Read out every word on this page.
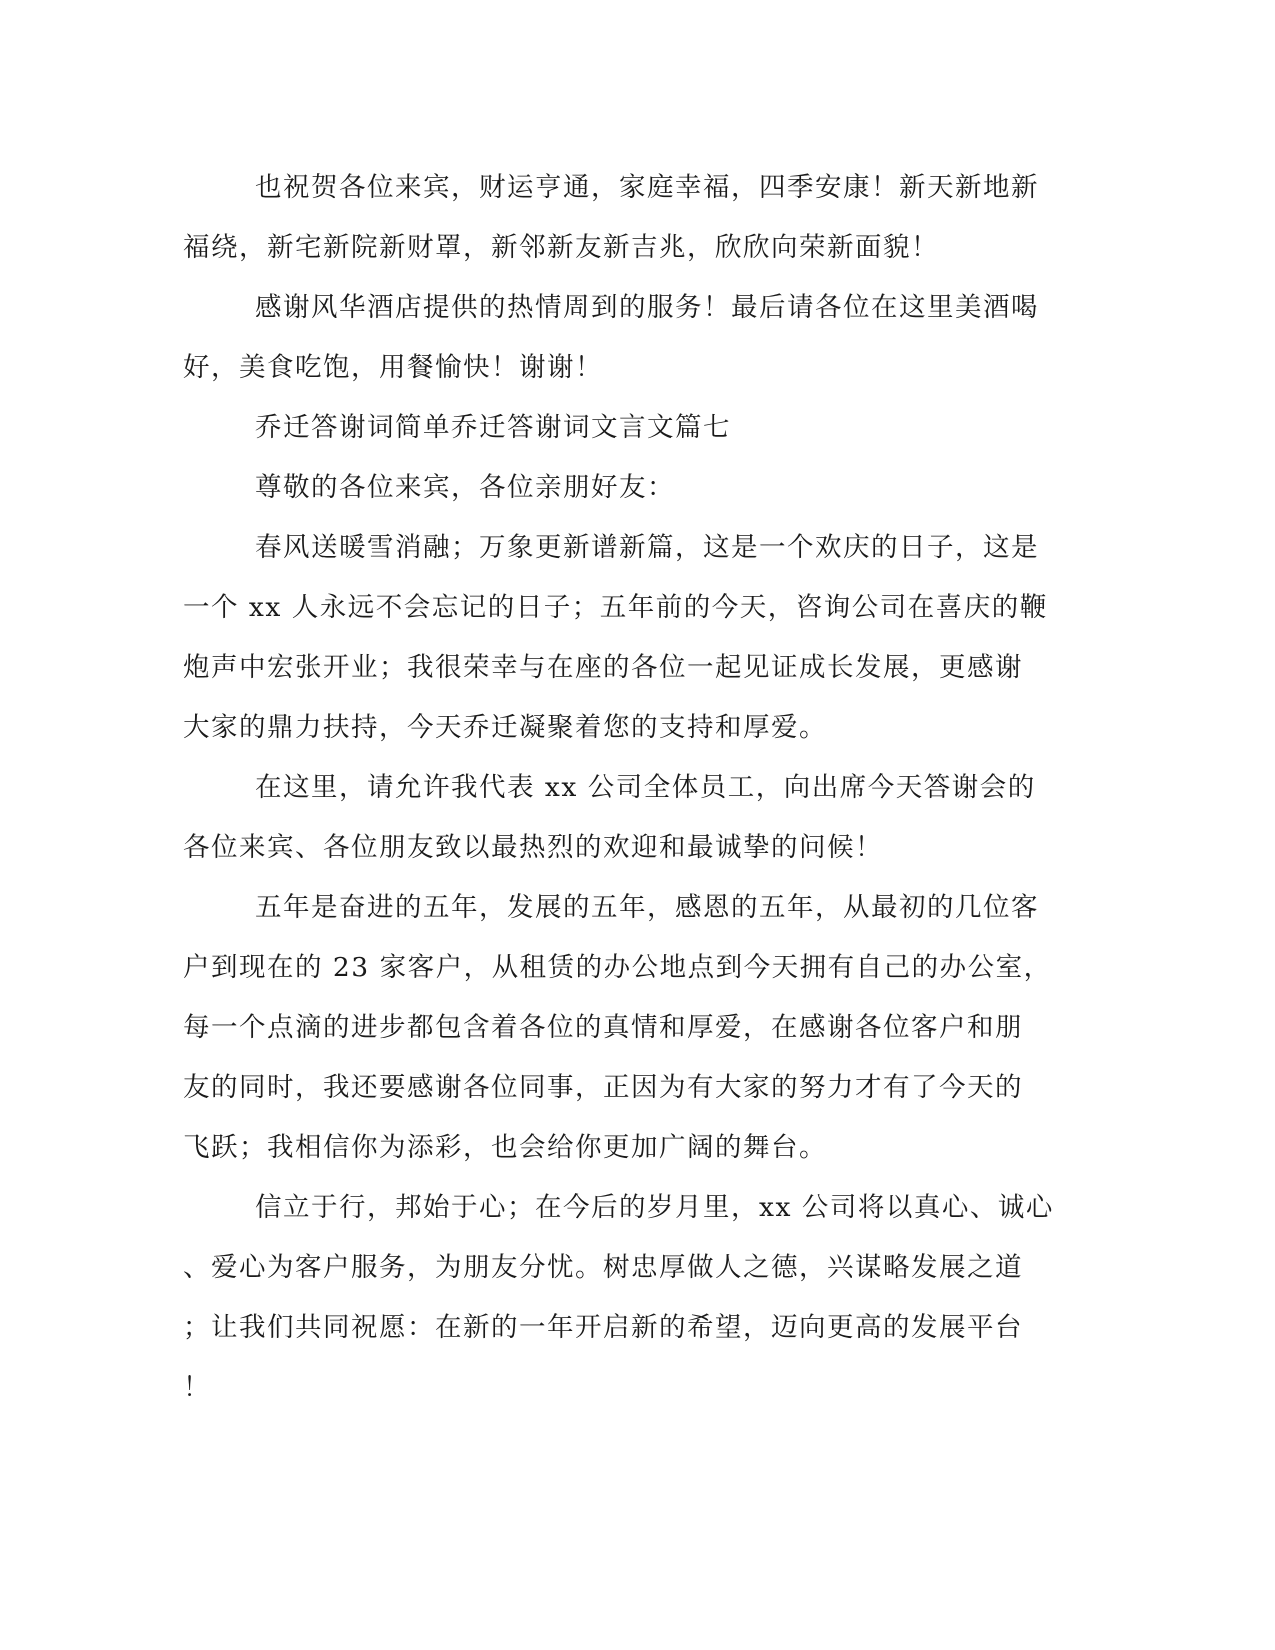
也祝贺各位来宾，财运亨通，家庭幸福，四季安康！新天新地新
福绕，新宅新院新财罩，新邻新友新吉兆，欣欣向荣新面貌！
感谢风华酒店提供的热情周到的服务！最后请各位在这里美酒喝
好，美食吃饱，用餐愉快！谢谢！
乔迁答谢词简单乔迁答谢词文言文篇七
尊敬的各位来宾，各位亲朋好友：
春风送暖雪消融；万象更新谱新篇，这是一个欢庆的日子，这是
一个 xx 人永远不会忘记的日子；五年前的今天，咨询公司在喜庆的鞭
炮声中宏张开业；我很荣幸与在座的各位一起见证成长发展，更感谢
大家的鼎力扶持，今天乔迁凝聚着您的支持和厚爱。
在这里，请允许我代表 xx 公司全体员工，向出席今天答谢会的
各位来宾、各位朋友致以最热烈的欢迎和最诚挚的问候！
五年是奋进的五年，发展的五年，感恩的五年，从最初的几位客
户到现在的 23 家客户，从租赁的办公地点到今天拥有自己的办公室，
每一个点滴的进步都包含着各位的真情和厚爱，在感谢各位客户和朋
友的同时，我还要感谢各位同事，正因为有大家的努力才有了今天的
飞跃；我相信你为添彩，也会给你更加广阔的舞台。
信立于行，邦始于心；在今后的岁月里，xx 公司将以真心、诚心
、爱心为客户服务，为朋友分忧。树忠厚做人之德，兴谋略发展之道
；让我们共同祝愿：在新的一年开启新的希望，迈向更高的发展平台
！
